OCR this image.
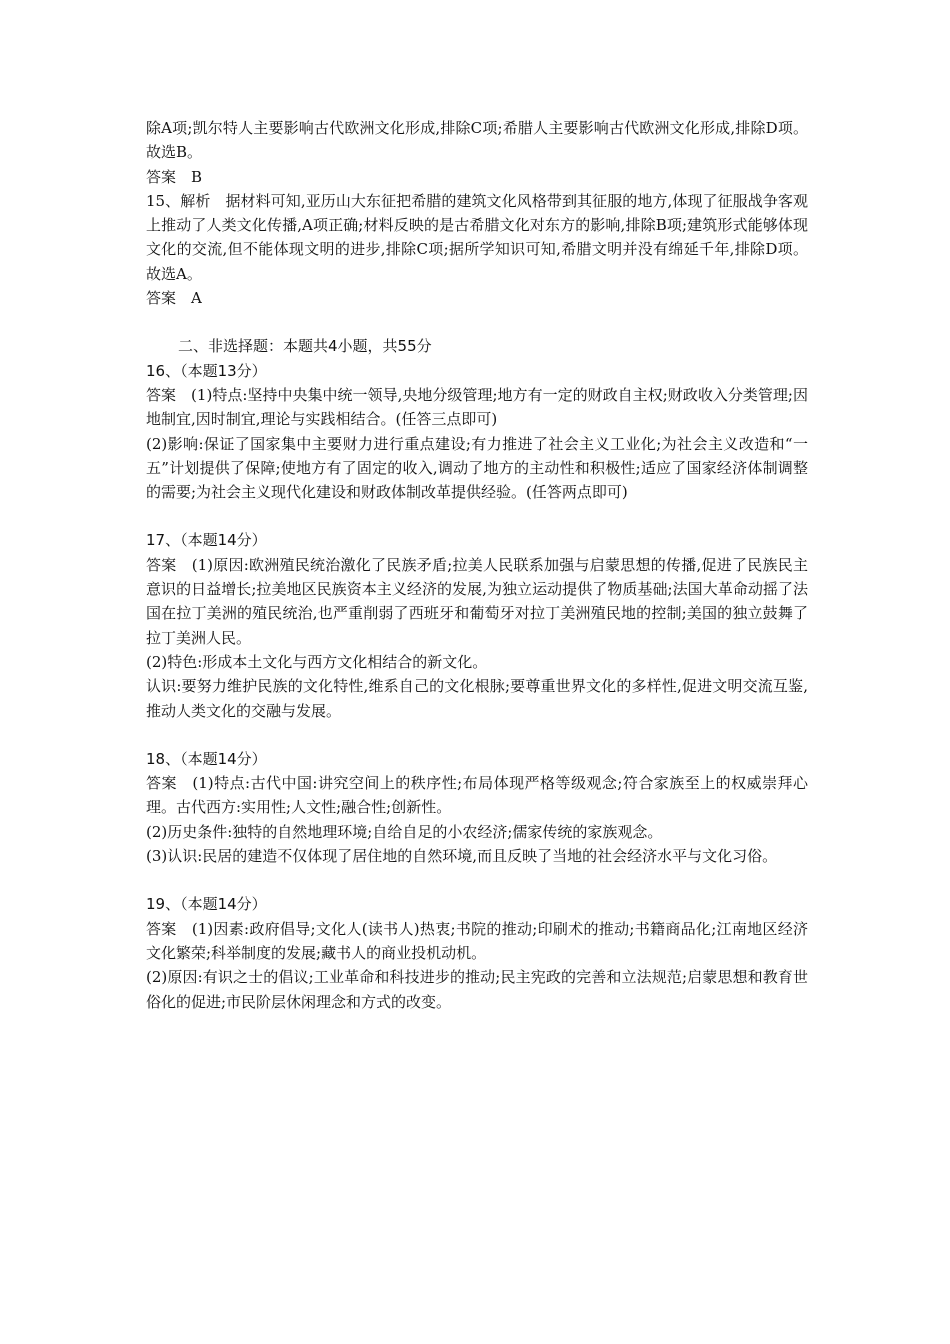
除A项;凯尔特人主要影响古代欧洲文化形成,排除C项;希腊人主要影响古代欧洲文化形成,排除D项。故选B。

答案　B

15、解析　据材料可知,亚历山大东征把希腊的建筑文化风格带到其征服的地方,体现了征服战争客观上推动了人类文化传播,A项正确;材料反映的是古希腊文化对东方的影响,排除B项;建筑形式能够体现文化的交流,但不能体现文明的进步,排除C项;据所学知识可知,希腊文明并没有绵延千年,排除D项。故选A。

答案　A

二、非选择题：本题共4小题，共55分

16、（本题13分）

答案　(1)特点:坚持中央集中统一领导,央地分级管理;地方有一定的财政自主权;财政收入分类管理;因地制宜,因时制宜,理论与实践相结合。(任答三点即可)

(2)影响:保证了国家集中主要财力进行重点建设;有力推进了社会主义工业化;为社会主义改造和“一五”计划提供了保障;使地方有了固定的收入,调动了地方的主动性和积极性;适应了国家经济体制调整的需要;为社会主义现代化建设和财政体制改革提供经验。(任答两点即可)

17、（本题14分）

答案　(1)原因:欧洲殖民统治激化了民族矛盾;拉美人民联系加强与启蒙思想的传播,促进了民族民主意识的日益增长;拉美地区民族资本主义经济的发展,为独立运动提供了物质基础;法国大革命动摇了法国在拉丁美洲的殖民统治,也严重削弱了西班牙和葡萄牙对拉丁美洲殖民地的控制;美国的独立鼓舞了拉丁美洲人民。

(2)特色:形成本土文化与西方文化相结合的新文化。

认识:要努力维护民族的文化特性,维系自己的文化根脉;要尊重世界文化的多样性,促进文明交流互鉴,推动人类文化的交融与发展。

18、（本题14分）

答案　(1)特点:古代中国:讲究空间上的秩序性;布局体现严格等级观念;符合家族至上的权威崇拜心理。古代西方:实用性;人文性;融合性;创新性。

(2)历史条件:独特的自然地理环境;自给自足的小农经济;儒家传统的家族观念。

(3)认识:民居的建造不仅体现了居住地的自然环境,而且反映了当地的社会经济水平与文化习俗。

19、（本题14分）

答案　(1)因素:政府倡导;文化人(读书人)热衷;书院的推动;印刷术的推动;书籍商品化;江南地区经济文化繁荣;科举制度的发展;藏书人的商业投机动机。

(2)原因:有识之士的倡议;工业革命和科技进步的推动;民主宪政的完善和立法规范;启蒙思想和教育世俗化的促进;市民阶层休闲理念和方式的改变。
